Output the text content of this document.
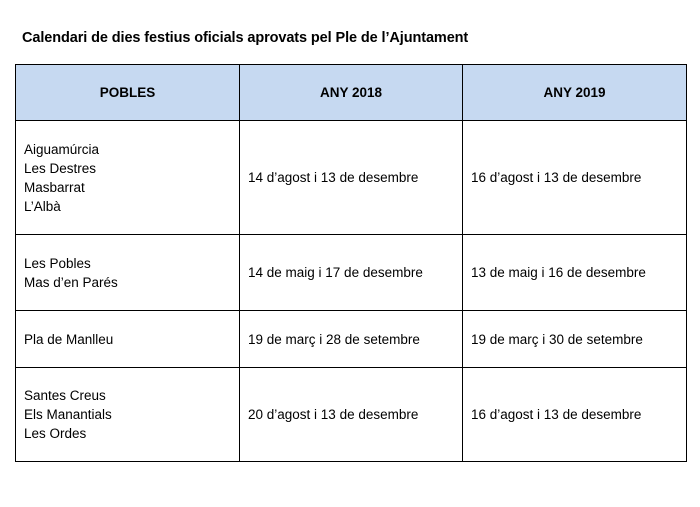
Calendari de dies festius oficials aprovats pel Ple de l’Ajuntament
POBLES	ANY 2018	ANY 2019

Aiguamúrcia
Les Destres
Masbarrat
L’Albà	14 d’agost i 13 de desembre	16 d’agost i 13 de desembre

Les Pobles
Mas d’en Parés	14 de maig i 17 de desembre	13 de maig i 16 de desembre

Pla de Manlleu	19 de març i 28 de setembre	19 de març i 30 de setembre

Santes Creus
Els Manantials
Les Ordes	20 d’agost i 13 de desembre	16 d’agost i 13 de desembre
